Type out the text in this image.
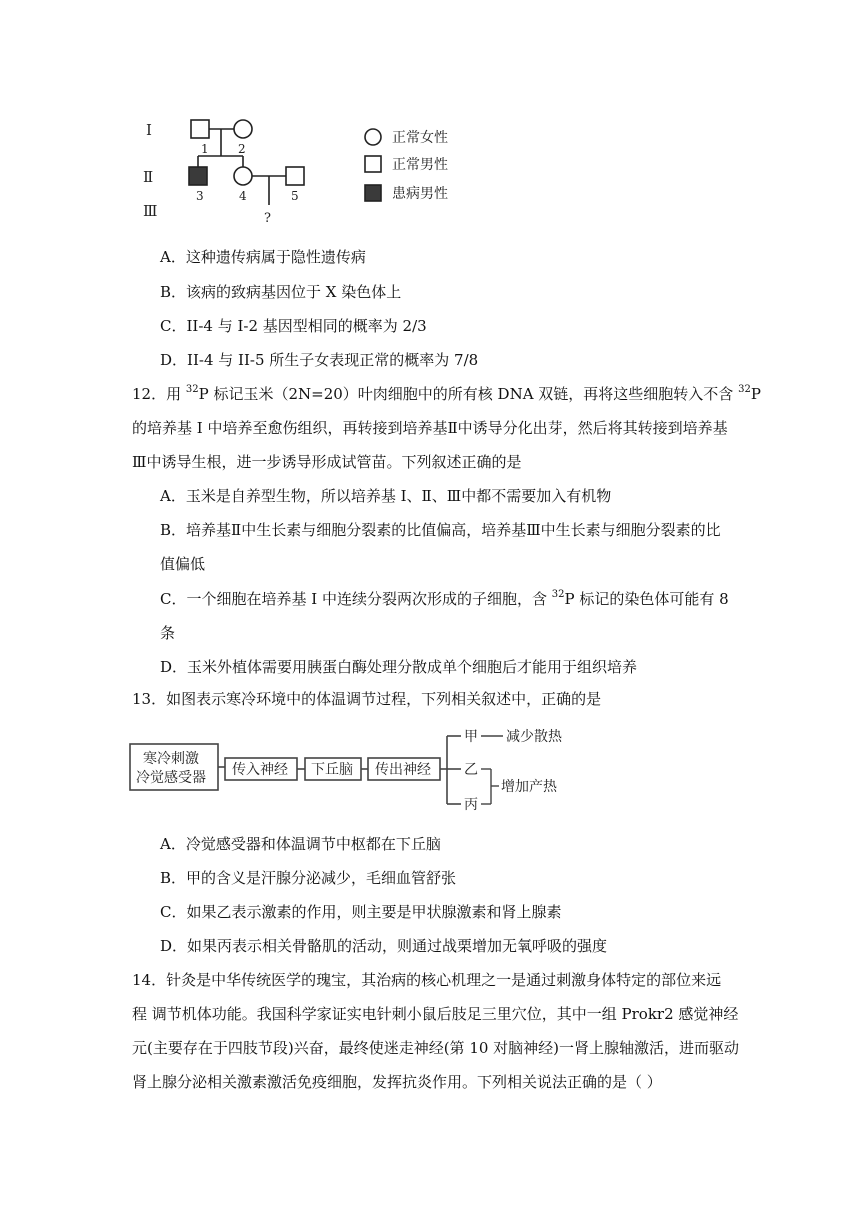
I
Ⅱ
Ⅲ
1 2
3	4	5
?
正常女性
正常男性
患病男性
A．这种遗传病属于隐性遗传病
B．该病的致病基因位于 X 染色体上
C．II-4 与 I-2 基因型相同的概率为 2/3
D．II-4 与 II-5 所生子女表现正常的概率为 7/8
12．用 $^{32}$P 标记玉米（2N=20）叶肉细胞中的所有核 DNA 双链，再将这些细胞转入不含 $^{32}$P
的培养基 I 中培养至愈伤组织，再转接到培养基Ⅱ中诱导分化出芽，然后将其转接到培养基
Ⅲ中诱导生根，进一步诱导形成试管苗。下列叙述正确的是
A．玉米是自养型生物，所以培养基 I、Ⅱ、Ⅲ中都不需要加入有机物
B．培养基Ⅱ中生长素与细胞分裂素的比值偏高，培养基Ⅲ中生长素与细胞分裂素的比
值偏低
C．一个细胞在培养基 I 中连续分裂两次形成的子细胞，含 $^{32}$P 标记的染色体可能有 8
条
D．玉米外植体需要用胰蛋白酶处理分散成单个细胞后才能用于组织培养
13．如图表示寒冷环境中的体温调节过程，下列相关叙述中，正确的是
寒冷刺激
冷觉感受器 传入神经 下丘脑 传出神经
甲 减少散热
乙
丙
增加产热
A．冷觉感受器和体温调节中枢都在下丘脑
B．甲的含义是汗腺分泌减少，毛细血管舒张
C．如果乙表示激素的作用，则主要是甲状腺激素和肾上腺素
D．如果丙表示相关骨骼肌的活动，则通过战栗增加无氧呼吸的强度
14．针灸是中华传统医学的瑰宝，其治病的核心机理之一是通过刺激身体特定的部位来远
程 调节机体功能。我国科学家证实电针刺小鼠后肢足三里穴位，其中一组 Prokr2 感觉神经
元(主要存在于四肢节段)兴奋，最终使迷走神经(第 10 对脑神经)一肾上腺轴激活，进而驱动
肾上腺分泌相关激素激活免疫细胞，发挥抗炎作用。下列相关说法正确的是（ ）
